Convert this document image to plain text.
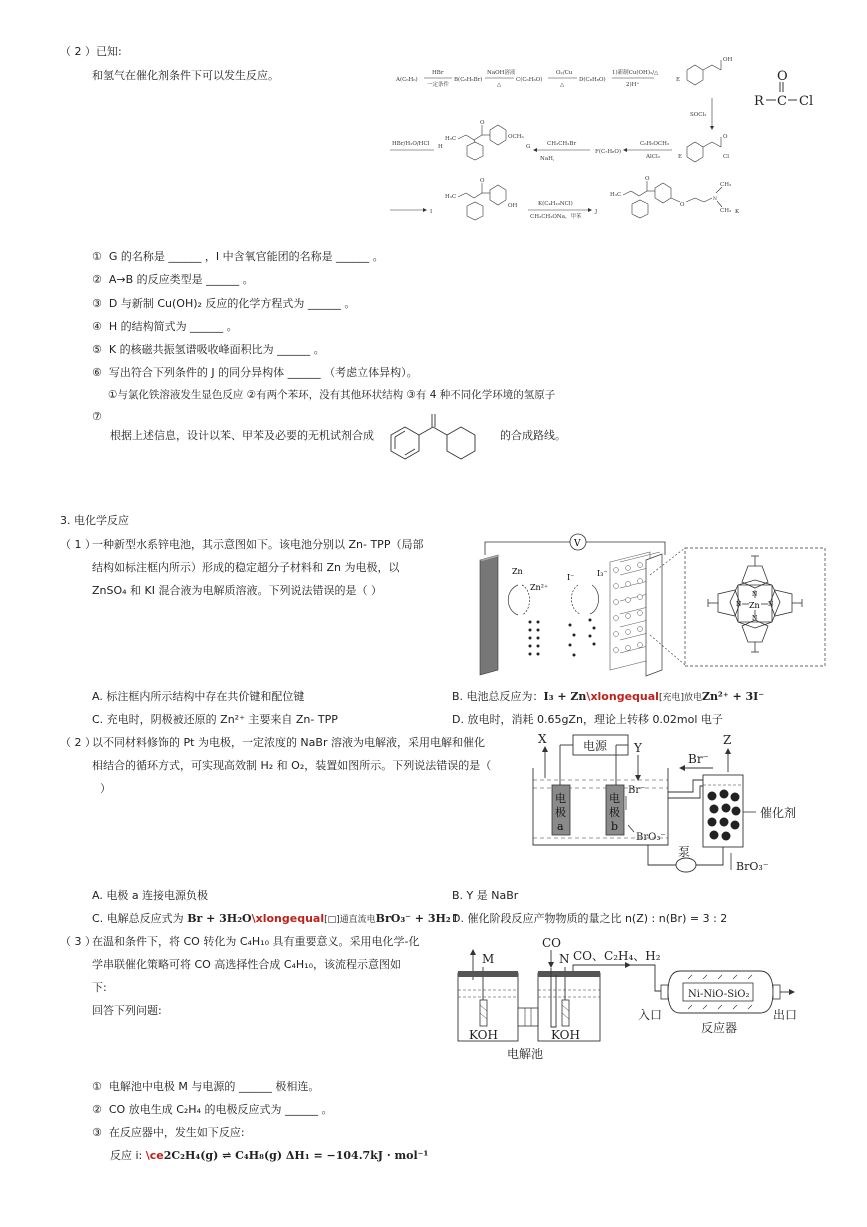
（ 2 ）已知:
和氢气在催化剂条件下可以发生反应。	A(C₆H₆)
HBr
一定条件
B(C₆H₅Br)
NaOH溶液
△
C(C₆H₆O)
O₂/Cu
△
D(C₈H₈O)
1)新制Cu(OH)₂/△
2)H⁺
E
OH
SOCl₂
E
O
Cl
C₆H₅OCH₃
AlCl₃
F(C₇H₈O)
CH₃CH₂Br
NaH,
H₃C
O
OCH₃
G
H
HBr/H₂O/HCl
I
H₃C
O
OH	K(C₄H₁₀NCl)
CH₃CH₂ONa，甲苯
J
H₃C
O
O
N
CH₃
CH₃ K
R C Cl
O
① G 的名称是 ______ ，I 中含氧官能团的名称是 ______ 。
② A→B 的反应类型是 ______ 。
③ D 与新制 Cu(OH)₂ 反应的化学方程式为 ______ 。
④ H 的结构简式为 ______ 。
⑤ K 的核磁共振氢谱吸收峰面积比为 ______ 。
⑥ 写出符合下列条件的 J 的同分异构体 ______ （考虑立体异构）。
①与氯化铁溶液发生显色反应 ②有两个苯环，没有其他环状结构 ③有 4 种不同化学环境的氢原子
⑦
根据上述信息，设计以苯、甲苯及必要的无机试剂合成	的合成路线。
3. 电化学反应
（ 1 ）
一种新型水系锌电池，其示意图如下。该电池分别以 Zn- TPP（局部
结构如标注框内所示）形成的稳定超分子材料和 Zn 为电极，以
ZnSO₄ 和 KI 混合液为电解质溶液。下列说法错误的是（ ）
V
Zn
Zn²⁺
I⁻	I₃⁻
Zn
N
N
N	N
A. 标注框内所示结构中存在共价键和配位键	B. 电池总反应为：I₃ + Zn\xlongequal[充电]放电Zn²⁺ + 3I⁻
C. 充电时，阴极被还原的 Zn²⁺ 主要来自 Zn- TPP	D. 放电时，消耗 0.65gZn，理论上转移 0.02mol 电子
（ 2 ）
以不同材料修饰的 Pt 为电极，一定浓度的 NaBr 溶液为电解液，采用电解和催化
相结合的循环方式，可实现高效制 H₂ 和 O₂，装置如图所示。下列说法错误的是（
）
电源
X
Y
电
极
a
电
极
b
Br⁻
BrO₃⁻
Br⁻
Z
催化剂
泵
BrO₃⁻
A. 电极 a 连接电源负极	B. Y 是 NaBr
C. 电解总反应式为 Br + 3H₂O\xlongequal[□]通直流电BrO₃⁻ + 3H₂↑
D. 催化阶段反应产物物质的量之比 n(Z) : n(Br) = 3 : 2
（ 3 ）
在温和条件下，将 CO 转化为 C₄H₁₀ 具有重要意义。采用电化学-化
学串联催化策略可将 CO 高选择性合成 C₄H₁₀，该流程示意图如
下:
回答下列问题:
M
KOH
CO
N
KOH
电解池
CO、C₂H₄、H₂
Ni-NiO-SiO₂
入口	出口
反应器
① 电解池中电极 M 与电源的 ______ 极相连。
② CO 放电生成 C₂H₄ 的电极反应式为 ______ 。
③ 在反应器中，发生如下反应:
反应 i: \ce2C₂H₄(g) ⇌ C₄H₈(g) ΔH₁ = −104.7kJ · mol⁻¹
